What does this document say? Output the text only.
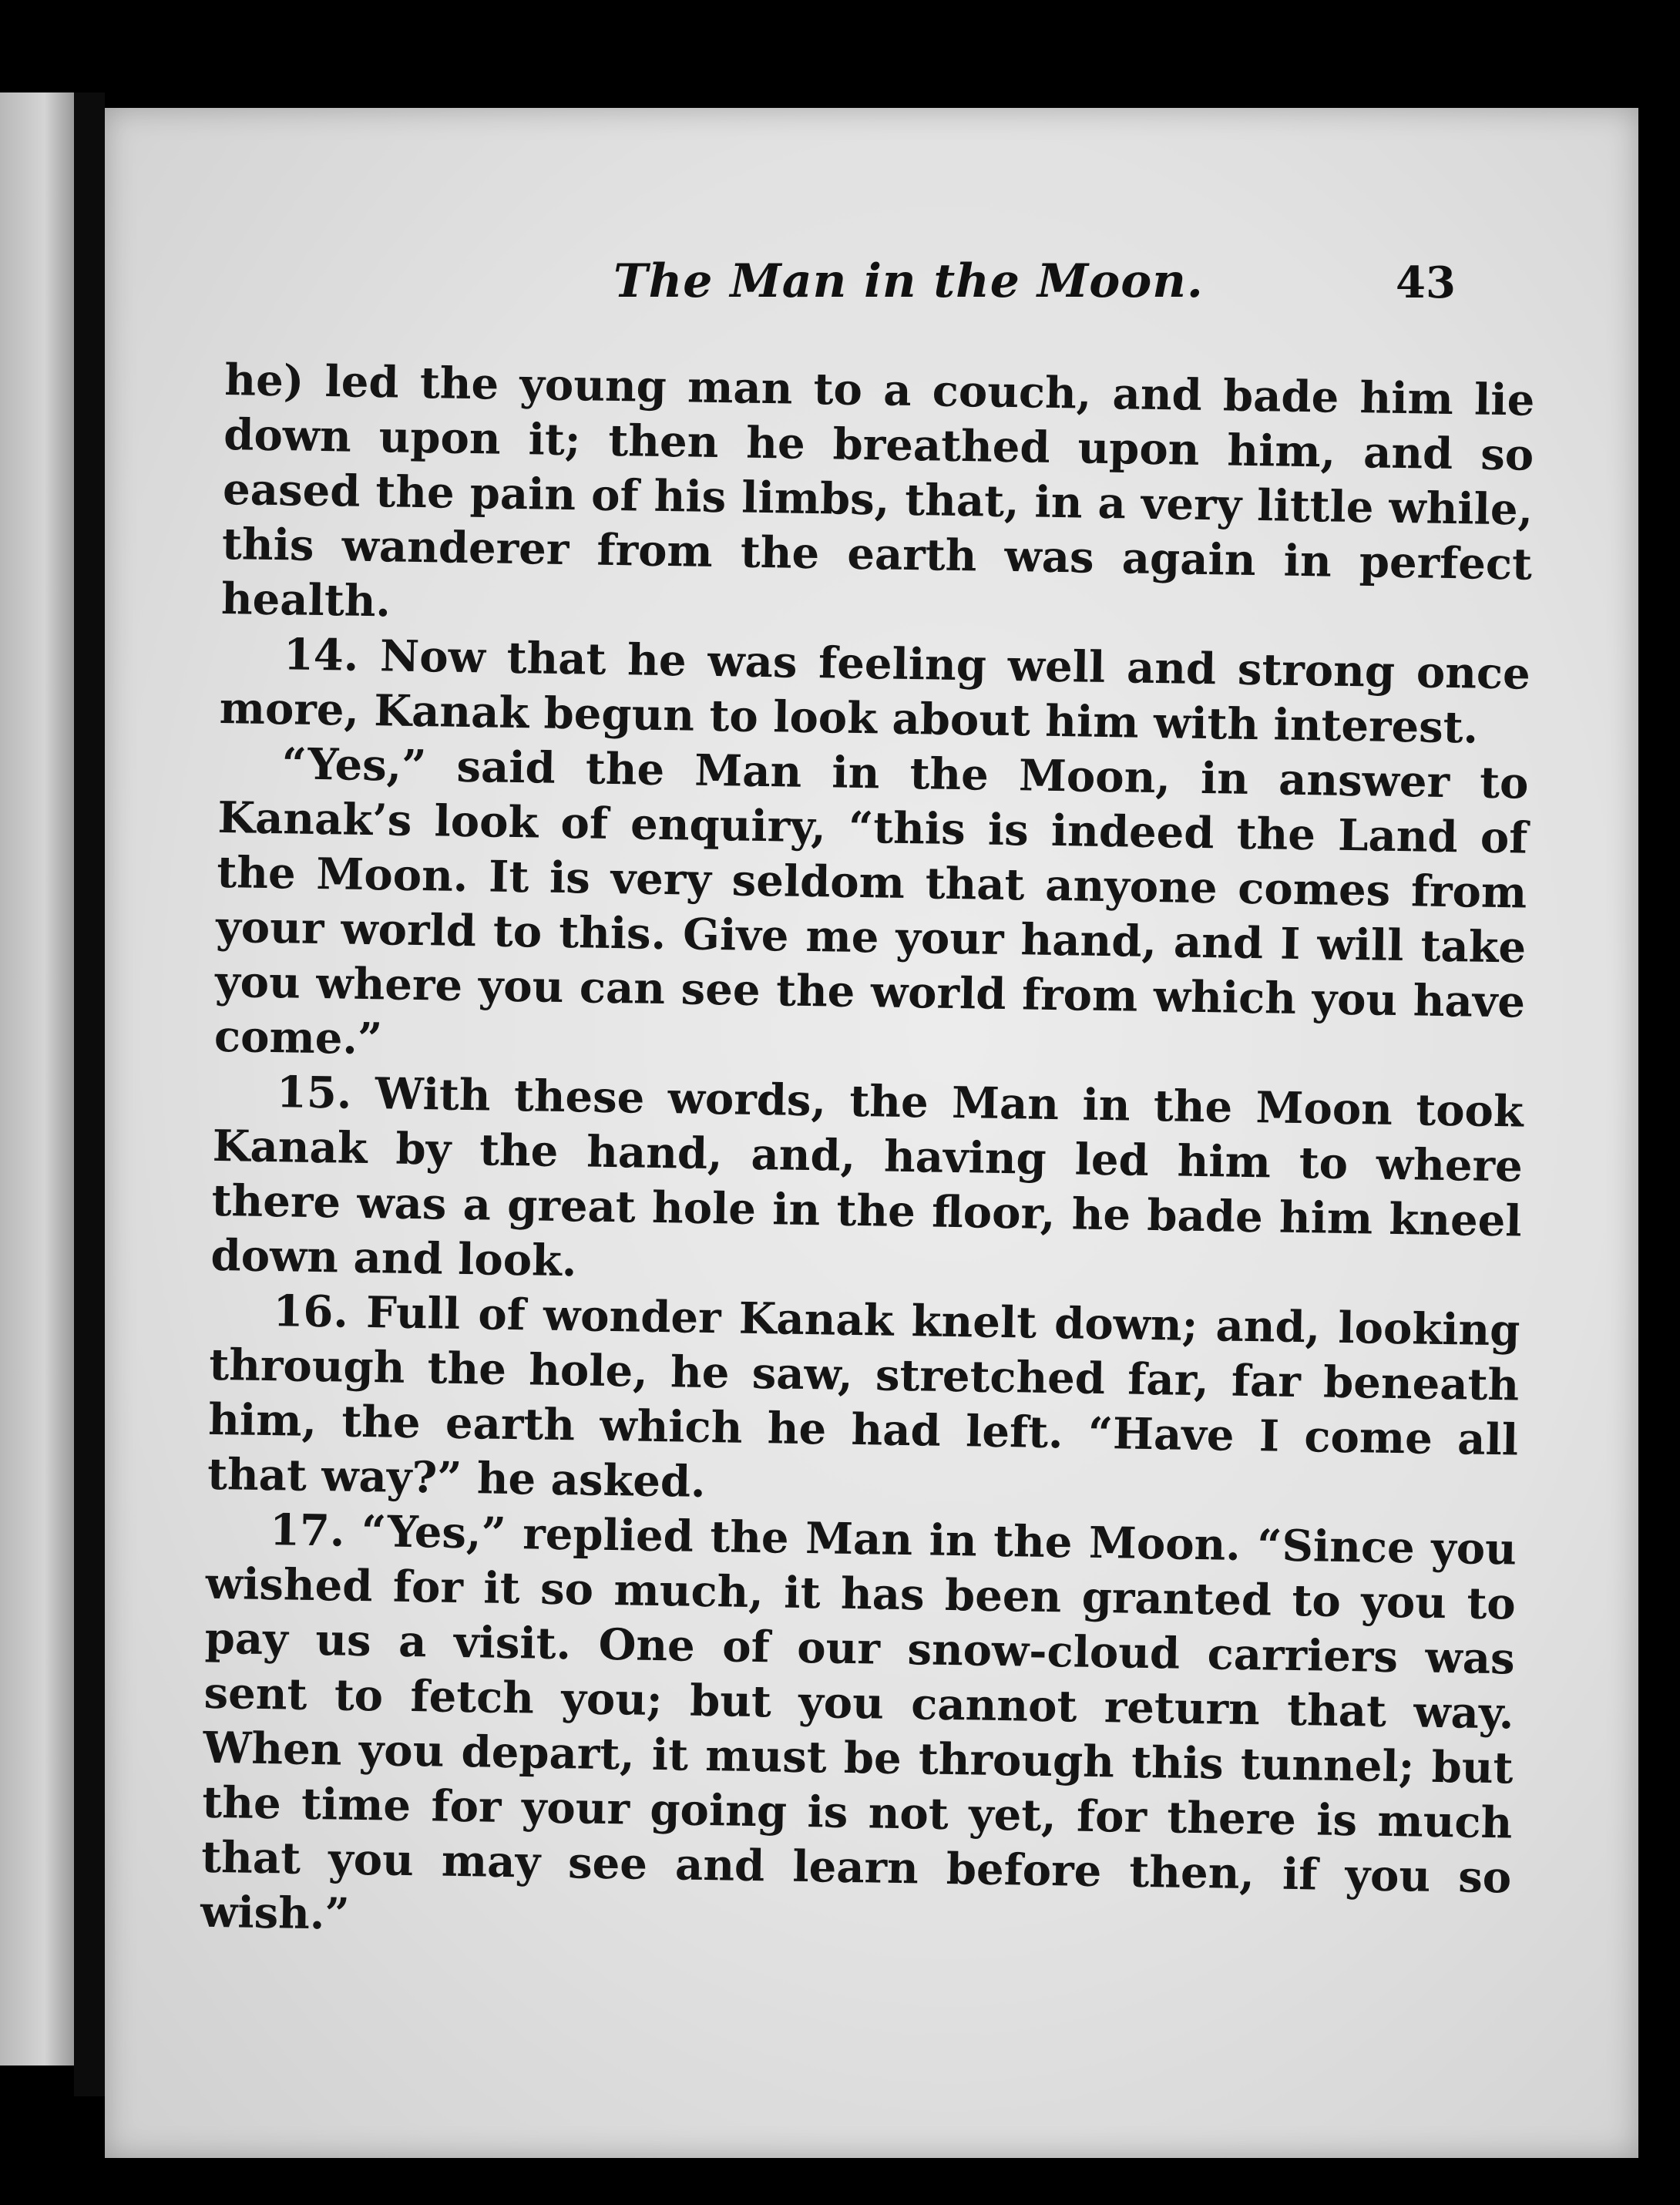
The Man in the Moon.	43

he) led the young man to a couch, and bade him lie down upon it; then he breathed upon him, and so eased the pain of his limbs, that, in a very little while, this wanderer from the earth was again in perfect health.

14. Now that he was feeling well and strong once more, Kanak begun to look about him with interest.

“Yes,” said the Man in the Moon, in answer to Kanak’s look of enquiry, “this is indeed the Land of the Moon. It is very seldom that anyone comes from your world to this. Give me your hand, and I will take you where you can see the world from which you have come.”

15. With these words, the Man in the Moon took Kanak by the hand, and, having led him to where there was a great hole in the floor, he bade him kneel down and look.

16. Full of wonder Kanak knelt down; and, looking through the hole, he saw, stretched far, far beneath him, the earth which he had left. “Have I come all that way?” he asked.

17. “Yes,” replied the Man in the Moon. “Since you wished for it so much, it has been granted to you to pay us a visit. One of our snow-cloud carriers was sent to fetch you; but you cannot return that way. When you depart, it must be through this tunnel; but the time for your going is not yet, for there is much that you may see and learn before then, if you so wish.”
